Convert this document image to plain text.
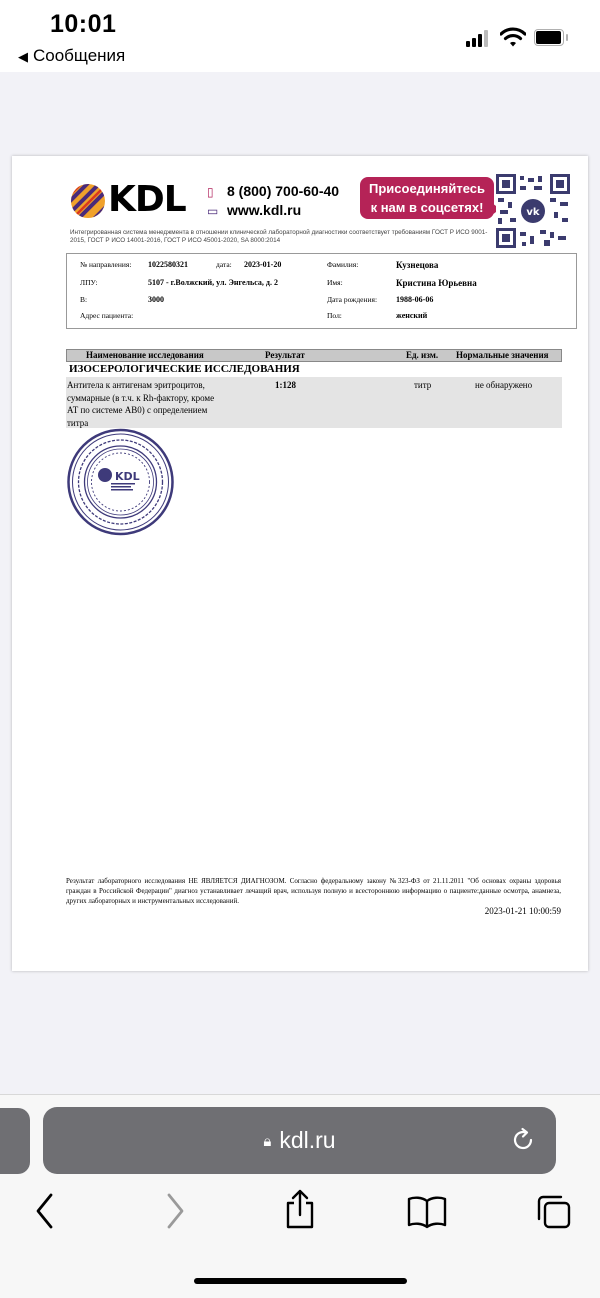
10:01
◀ Сообщения
KDL ▯ 8 (800) 700-60-40
▭ www.kdl.ru
Присоединяйтесь
к нам в соцсетях!	vk
Интегрированная система менеджмента в отношении клинической лабораторной диагностики соответствует требованиям ГОСТ Р ИСО 9001-2015, ГОСТ Р ИСО 14001-2016, ГОСТ Р ИСО 45001-2020, SA 8000:2014
№ направления: 1022580321	дата: 2023-01-20	Фамилия:	Кузнецова
ЛПУ:	5107 - г.Волжский, ул. Энгельса, д. 2	Имя:	Кристина Юрьевна
В:	3000	Дата рождения: 1988-06-06
Адрес пациента:	Пол:	женский
Наименование исследования	Результат	Ед. изм. Нормальные значения
ИЗОСЕРОЛОГИЧЕСКИЕ ИССЛЕДОВАНИЯ
Антитела к антигенам эритроцитов,
суммарные (в т.ч. к Rh-фактору, кроме
АТ по системе АВ0) с определением
титра
1:128	титр	не обнаружено
KDL
Результат лабораторного исследования НЕ ЯВЛЯЕТСЯ ДИАГНОЗОМ. Согласно федеральному закону №323-ФЗ от 21.11.2011 "Об основах охраны здоровья граждан в Российской Федерации" диагноз устанавливает лечащий врач, используя полную и всестороннюю информацию о пациенте:данные осмотра, анамнеза, других лабораторных и инструментальных исследований.
2023-01-21 10:00:59
🔒︎ kdl.ru
